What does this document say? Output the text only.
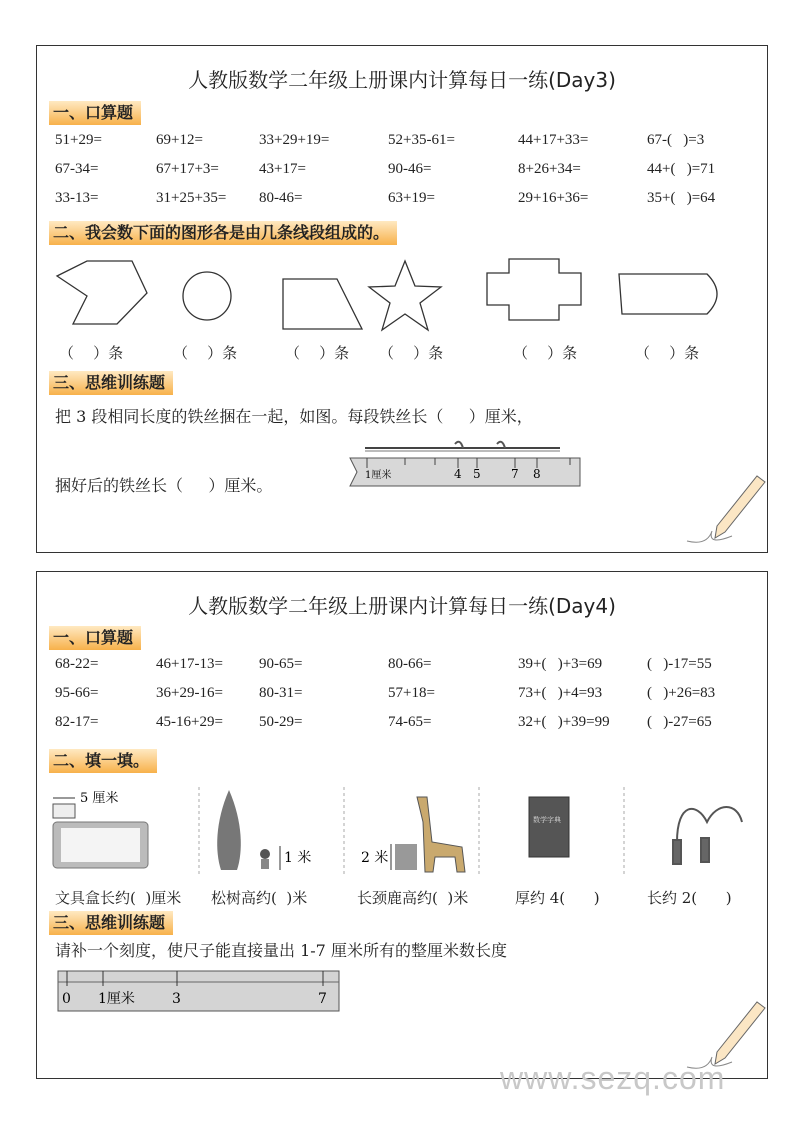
人教版数学二年级上册课内计算每日一练(Day3)
一、口算题
51+29=	69+12=	33+29+19=	52+35-61=	44+17+33=	67-(   )=3
67-34=	67+17+3=	43+17=	90-46=	8+26+34=	44+(   )=71
33-13=	31+25+35= 80-46=	63+19=	29+16+36=	35+(   )=64
二、我会数下面的图形各是由几条线段组成的。
（    ）条	（    ）条	（    ）条 （    ）条	（    ）条	（    ）条
三、思维训练题
把 3 段相同长度的铁丝捆在一起，如图。每段铁丝长（     ）厘米，
捆好后的铁丝长（     ）厘米。
1厘米	4 5	7 8
人教版数学二年级上册课内计算每日一练(Day4)
一、口算题
68-22=	46+17-13= 90-65=	80-66=	39+(   )+3=69	(   )-17=55
95-66=	36+29-16= 80-31=	57+18=	73+(   )+4=93	(   )+26=83
82-17=	45-16+29= 50-29=	74-65=	32+(   )+39=99 (   )-27=65
二、填一填。
5 厘米
1 米	2 米
数学字典
文具盒长约(  )厘米 松树高约(  )米	长颈鹿高约(  )米	厚约 4(      )	长约 2(      )
三、思维训练题
请补一个刻度，使尺子能直接量出 1-7 厘米所有的整厘米数长度
0 1厘米	3	7
www.sezq.com
